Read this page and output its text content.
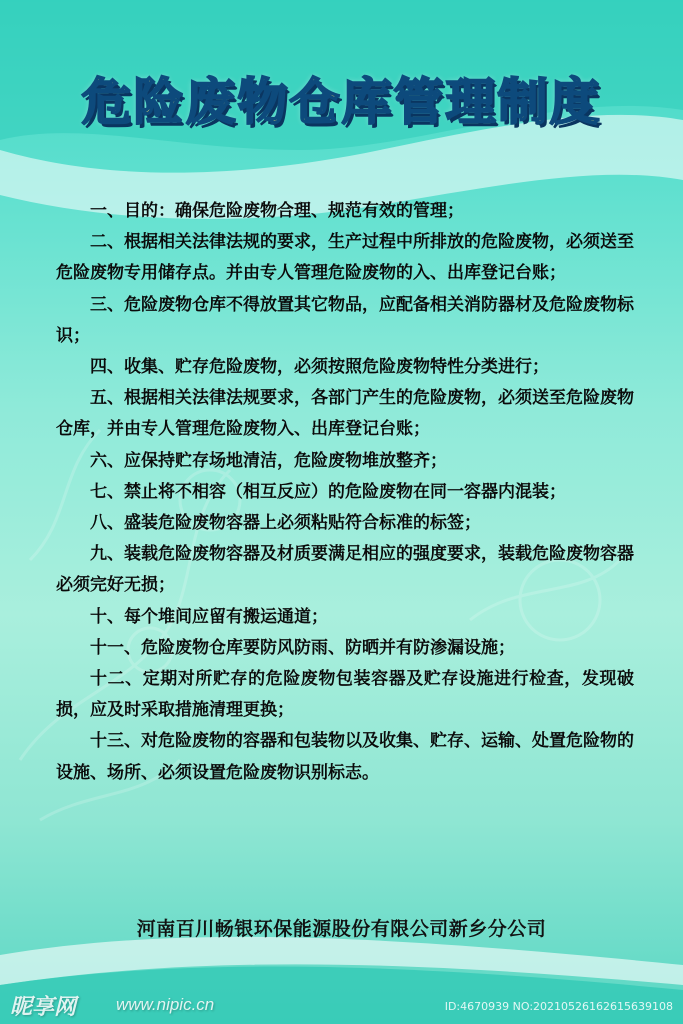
危险废物仓库管理制度

一、目的：确保危险废物合理、规范有效的管理；

二、根据相关法律法规的要求，生产过程中所排放的危险废物，必须送至危险废物专用储存点。并由专人管理危险废物的入、出库登记台账；

三、危险废物仓库不得放置其它物品，应配备相关消防器材及危险废物标识；

四、收集、贮存危险废物，必须按照危险废物特性分类进行；

五、根据相关法律法规要求，各部门产生的危险废物，必须送至危险废物仓库，并由专人管理危险废物入、出库登记台账；

六、应保持贮存场地清洁，危险废物堆放整齐；

七、禁止将不相容（相互反应）的危险废物在同一容器内混装；

八、盛装危险废物容器上必须粘贴符合标准的标签；

九、装载危险废物容器及材质要满足相应的强度要求，装载危险废物容器必须完好无损；

十、每个堆间应留有搬运通道；

十一、危险废物仓库要防风防雨、防晒并有防渗漏设施；

十二、定期对所贮存的危险废物包装容器及贮存设施进行检查，发现破损，应及时采取措施清理更换；

十三、对危险废物的容器和包装物以及收集、贮存、运输、处置危险物的设施、场所、必须设置危险废物识别标志。

河南百川畅银环保能源股份有限公司新乡分公司
昵享网 www.nipic.cn	ID:4670939 NO:20210526162615639108
